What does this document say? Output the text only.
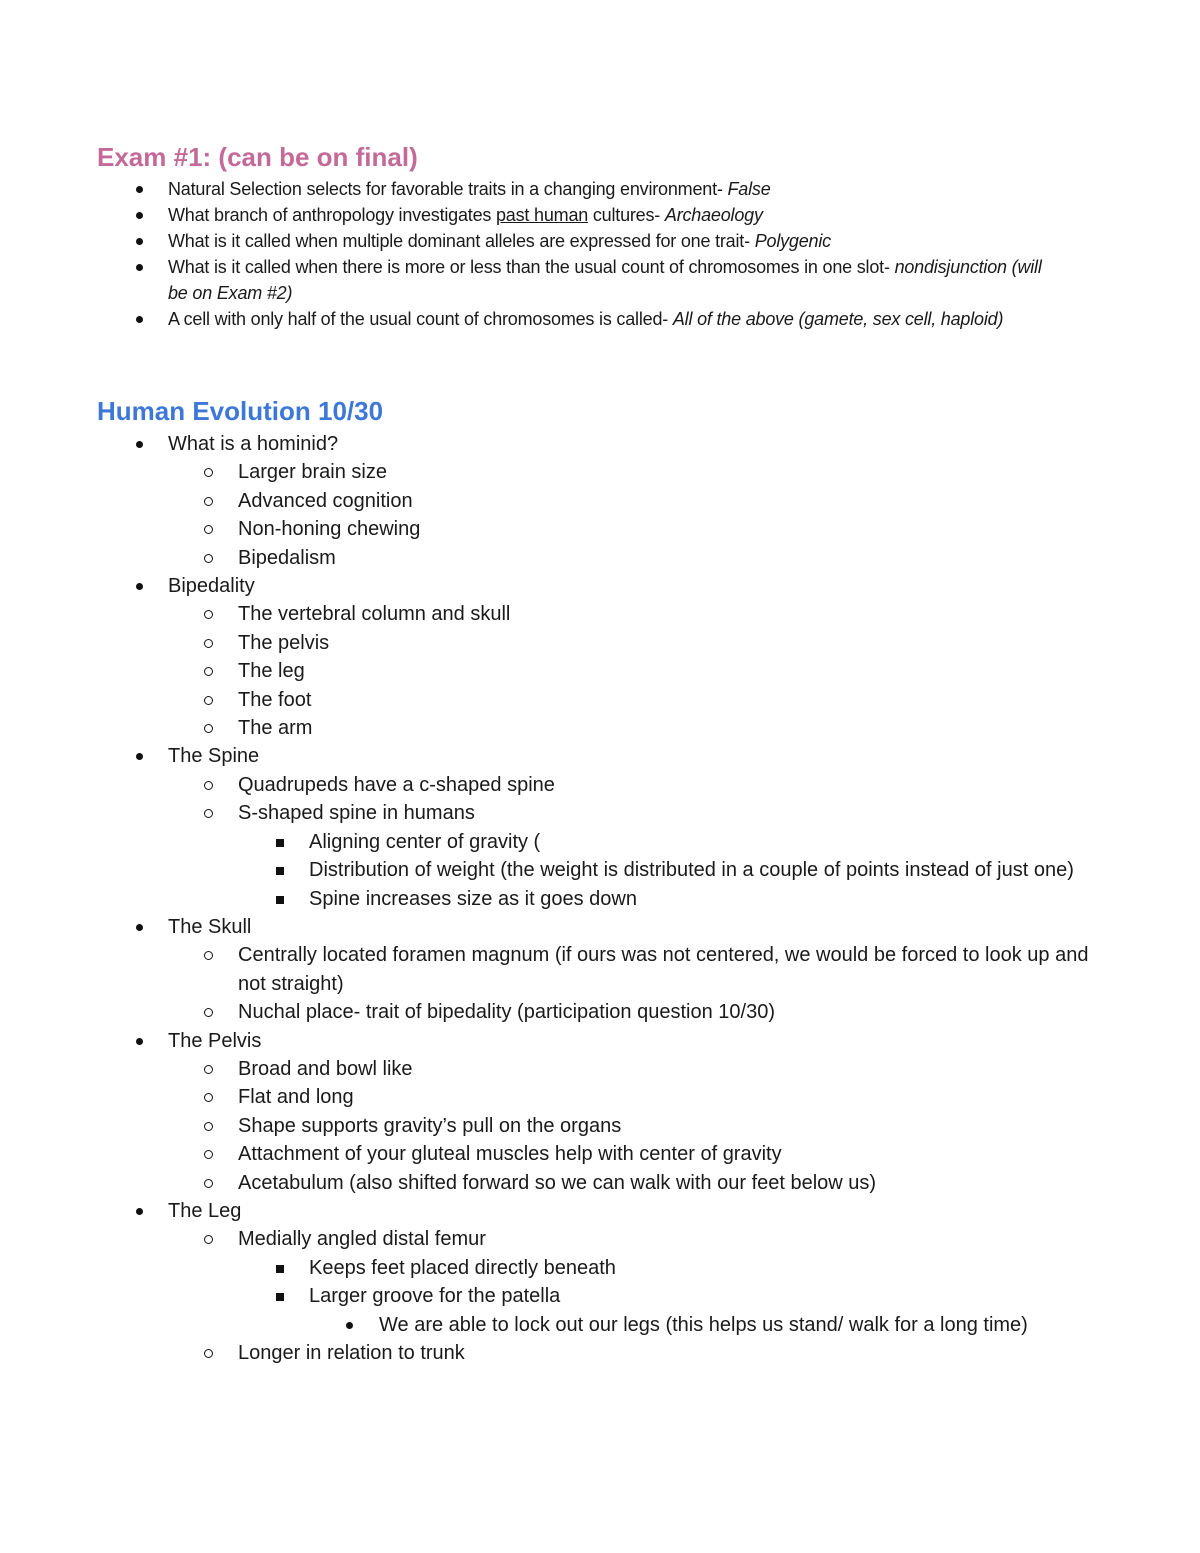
Exam #1: (can be on final)
Natural Selection selects for favorable traits in a changing environment- False
What branch of anthropology investigates past human cultures- Archaeology
What is it called when multiple dominant alleles are expressed for one trait- Polygenic
What is it called when there is more or less than the usual count of chromosomes in one slot- nondisjunction (will be on Exam #2)
A cell with only half of the usual count of chromosomes is called- All of the above (gamete, sex cell, haploid)
Human Evolution 10/30
What is a hominid?
Larger brain size
Advanced cognition
Non-honing chewing
Bipedalism
Bipedality
The vertebral column and skull
The pelvis
The leg
The foot
The arm
The Spine
Quadrupeds have a c-shaped spine
S-shaped spine in humans
Aligning center of gravity (
Distribution of weight (the weight is distributed in a couple of points instead of just one)
Spine increases size as it goes down
The Skull
Centrally located foramen magnum (if ours was not centered, we would be forced to look up and not straight)
Nuchal place- trait of bipedality (participation question 10/30)
The Pelvis
Broad and bowl like
Flat and long
Shape supports gravity’s pull on the organs
Attachment of your gluteal muscles help with center of gravity
Acetabulum (also shifted forward so we can walk with our feet below us)
The Leg
Medially angled distal femur
Keeps feet placed directly beneath
Larger groove for the patella
We are able to lock out our legs (this helps us stand/ walk for a long time)
Longer in relation to trunk
